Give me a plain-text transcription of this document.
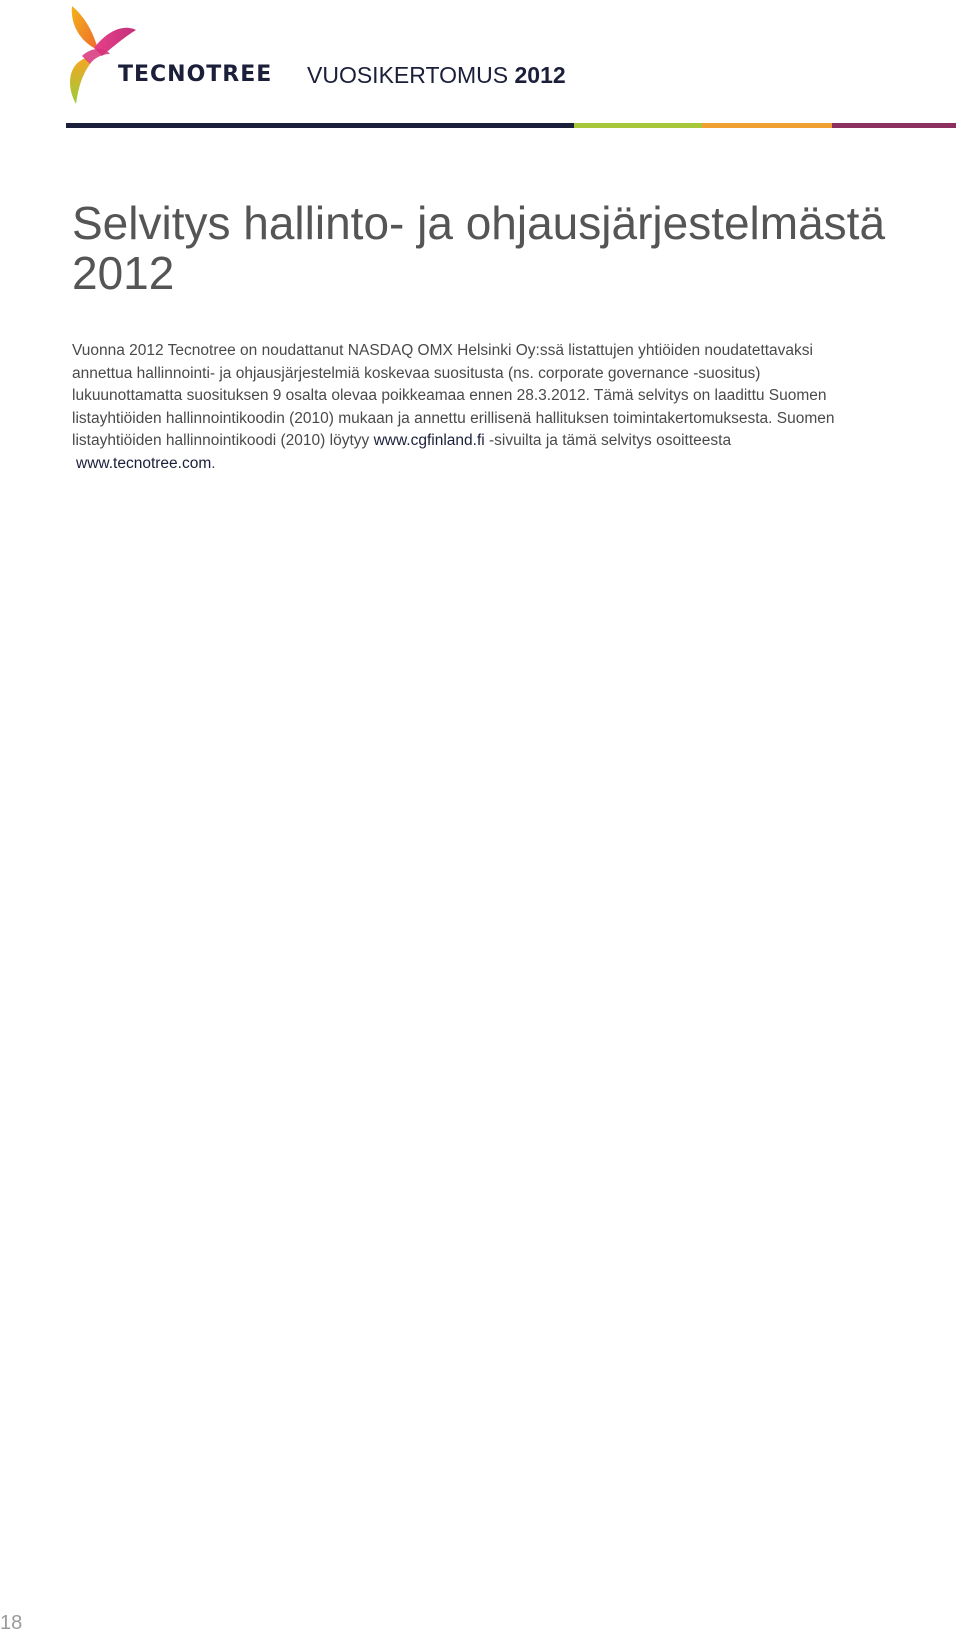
TECNOTREE VUOSIKERTOMUS 2012
Selvitys hallinto- ja ohjausjärjestelmästä
2012

Vuonna 2012 Tecnotree on noudattanut NASDAQ OMX Helsinki Oy:ssä listattujen yhtiöiden noudatettavaksi
annettua hallinnointi- ja ohjausjärjestelmiä koskevaa suositusta (ns. corporate governance -suositus)
lukuunottamatta suosituksen 9 osalta olevaa poikkeamaa ennen 28.3.2012. Tämä selvitys on laadittu Suomen
listayhtiöiden hallinnointikoodin (2010) mukaan ja annettu erillisenä hallituksen toimintakertomuksesta. Suomen
listayhtiöiden hallinnointikoodi (2010) löytyy www.cgfinland.fi -sivuilta ja tämä selvitys osoitteesta
www.tecnotree.com.

18
